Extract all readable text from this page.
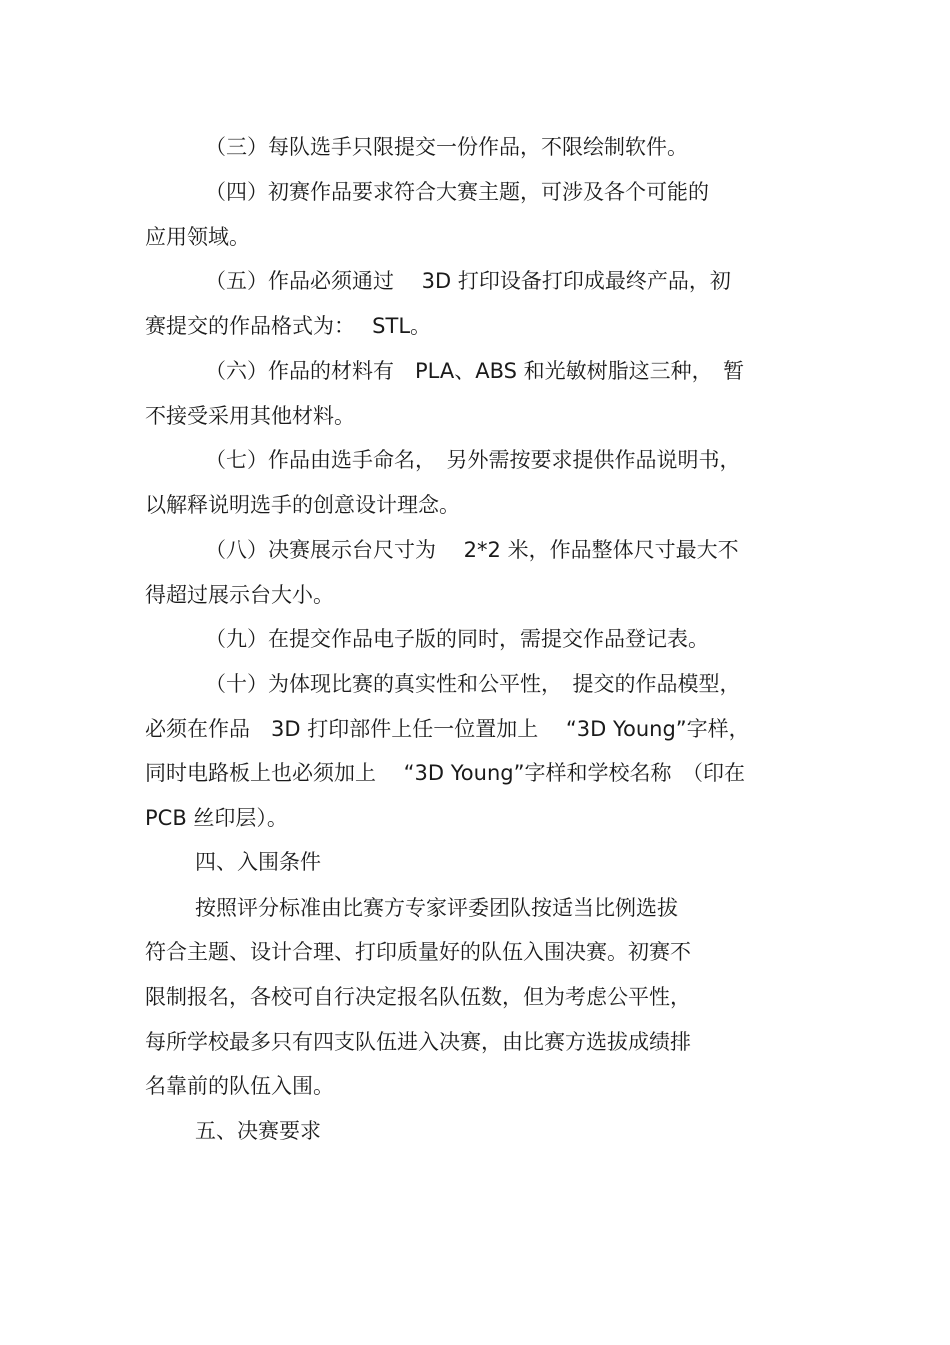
（三）每队选手只限提交一份作品，不限绘制软件。
（四）初赛作品要求符合大赛主题，可涉及各个可能的
应用领域。
（五）作品必须通过　 3D 打印设备打印成最终产品，初
赛提交的作品格式为：　 STL。
（六）作品的材料有　PLA、ABS 和光敏树脂这三种，　暂
不接受采用其他材料。
（七）作品由选手命名，　另外需按要求提供作品说明书，
以解释说明选手的创意设计理念。
（八）决赛展示台尺寸为　 2*2 米，作品整体尺寸最大不
得超过展示台大小。
（九）在提交作品电子版的同时，需提交作品登记表。
（十）为体现比赛的真实性和公平性，　提交的作品模型，
必须在作品　3D 打印部件上任一位置加上　 “3D Young”字样，
同时电路板上也必须加上　 “3D Young”字样和学校名称　（印在
PCB 丝印层）。
四、入围条件
按照评分标准由比赛方专家评委团队按适当比例选拔
符合主题、设计合理、打印质量好的队伍入围决赛。初赛不
限制报名，各校可自行决定报名队伍数，但为考虑公平性，
每所学校最多只有四支队伍进入决赛，由比赛方选拔成绩排
名靠前的队伍入围。
五、决赛要求
